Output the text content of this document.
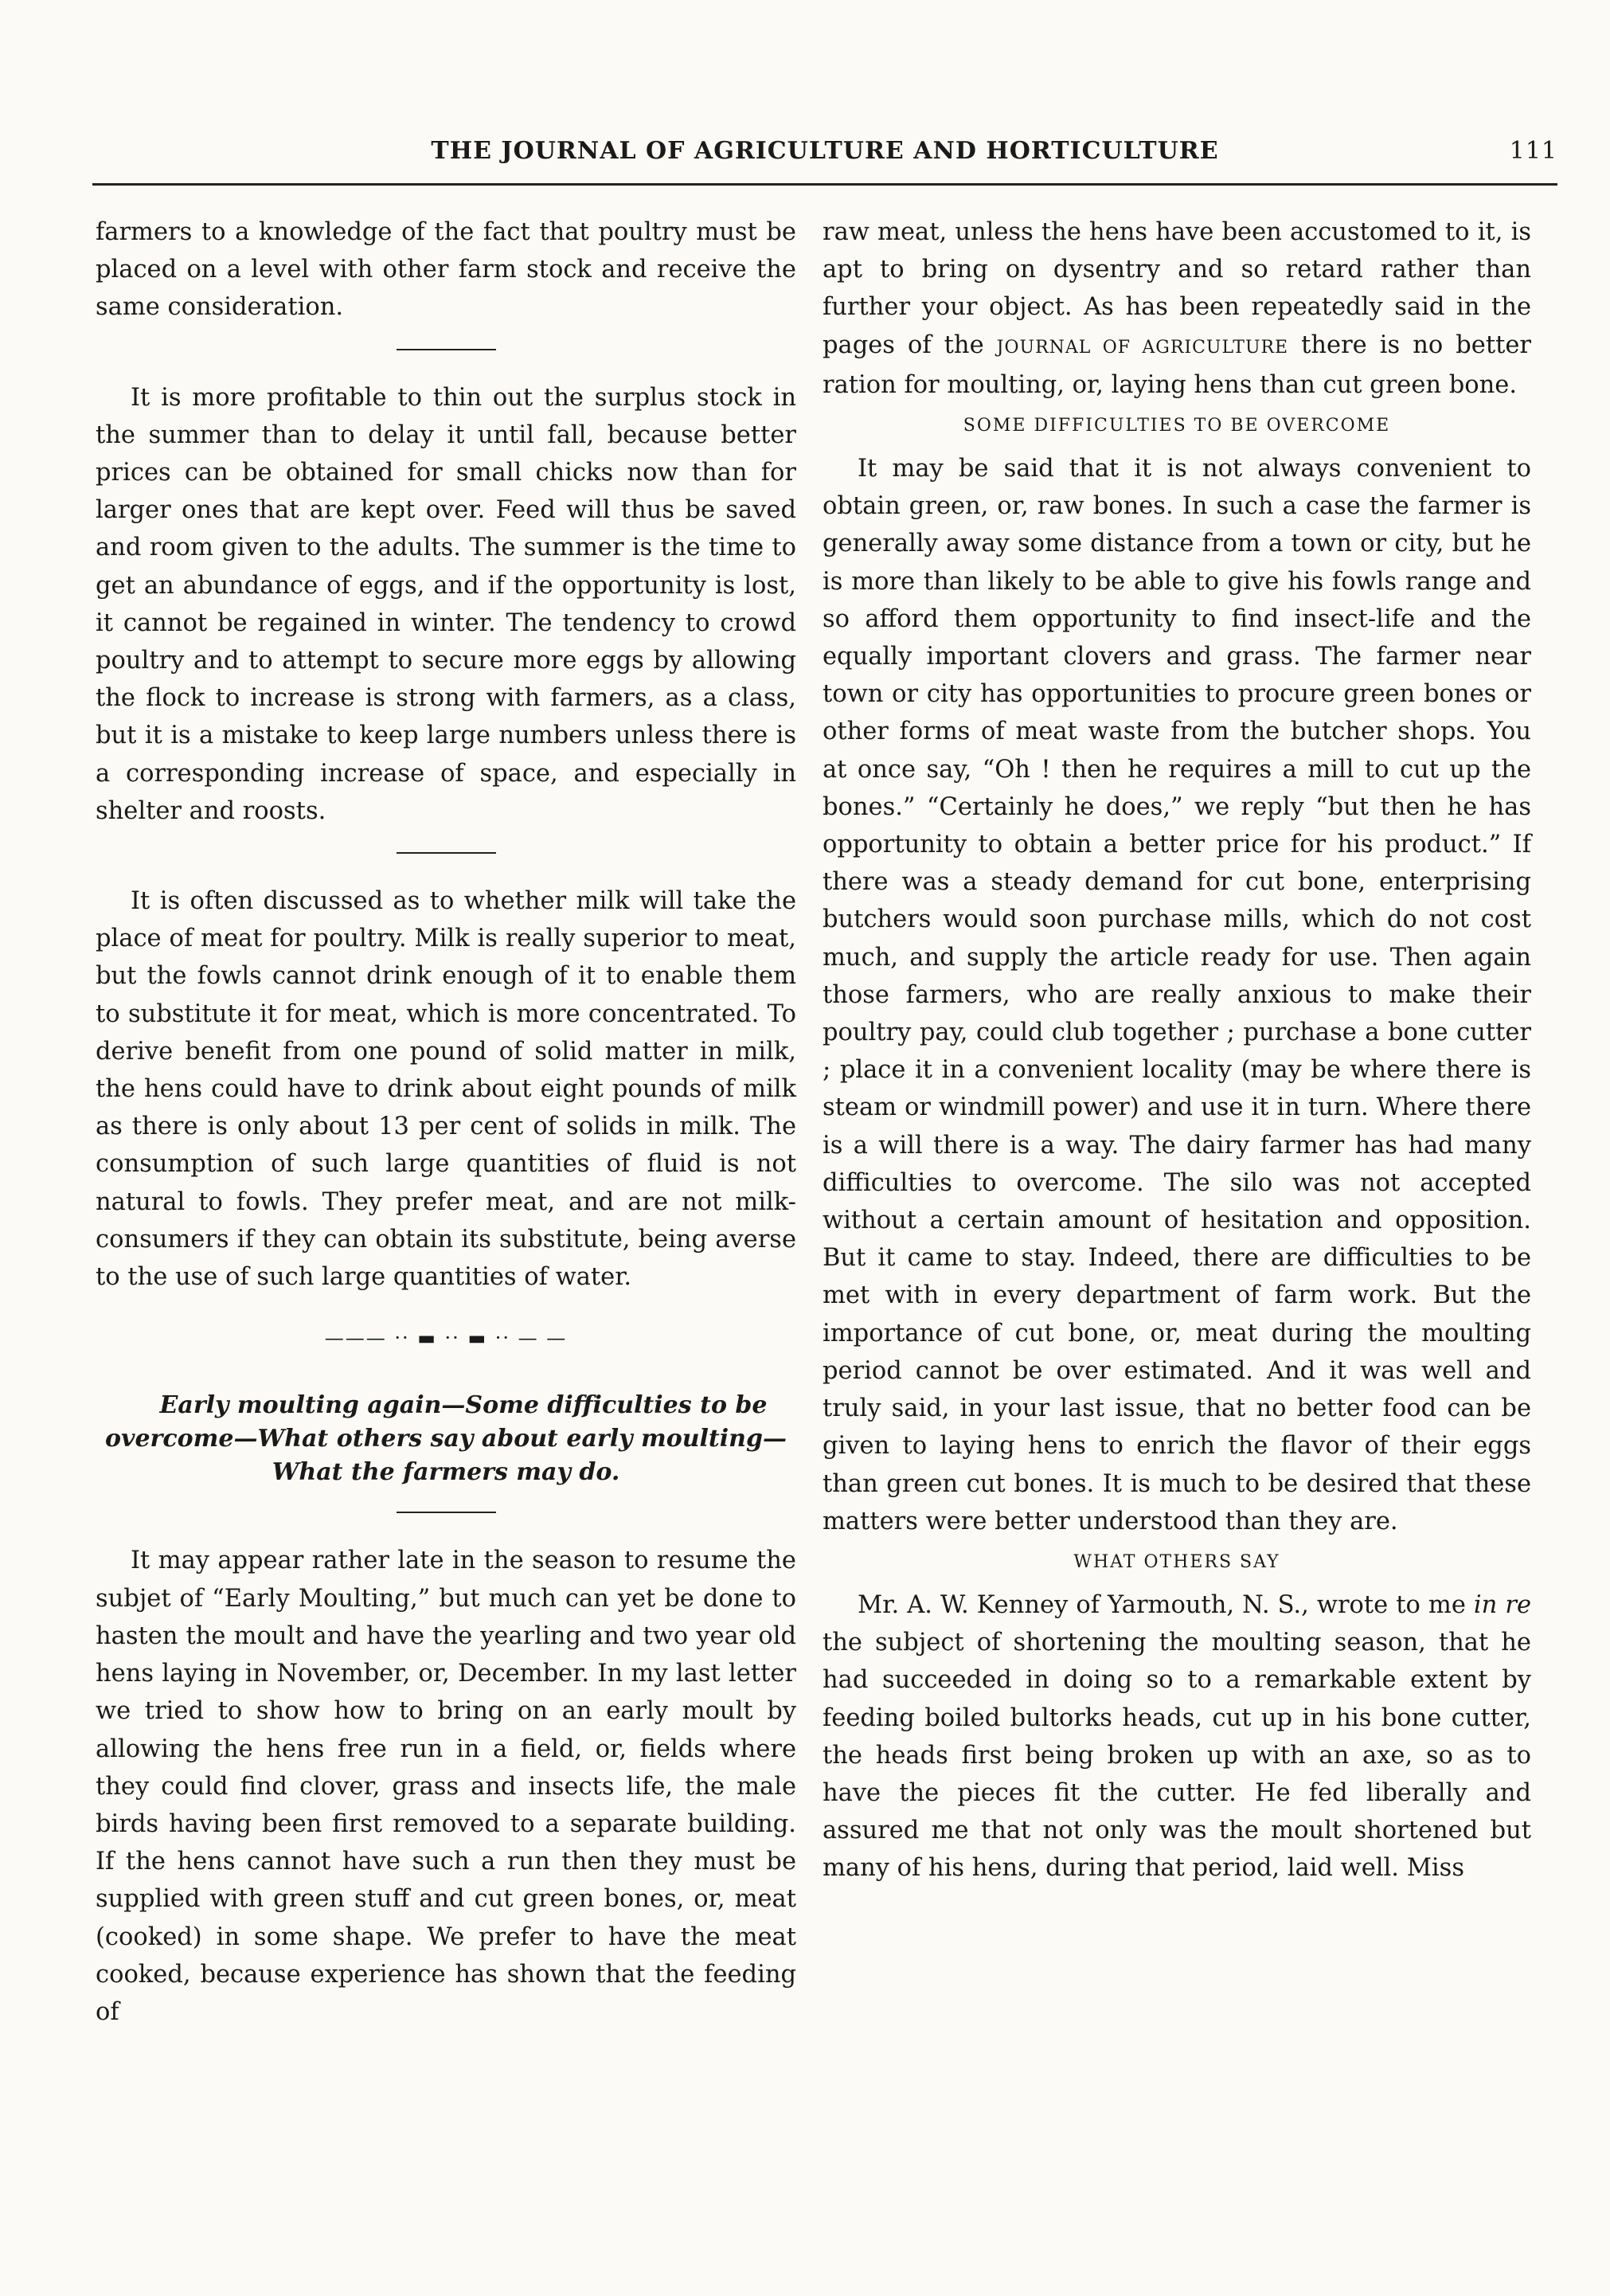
THE JOURNAL OF AGRICULTURE AND HORTICULTURE	111

farmers to a knowledge of the fact that poultry must be placed on a level with other farm stock and receive the same consideration.

It is more profitable to thin out the surplus stock in the summer than to delay it until fall, because better prices can be obtained for small chicks now than for larger ones that are kept over. Feed will thus be saved and room given to the adults. The summer is the time to get an abundance of eggs, and if the opportunity is lost, it cannot be regained in winter. The tendency to crowd poultry and to attempt to secure more eggs by allowing the flock to increase is strong with farmers, as a class, but it is a mistake to keep large numbers unless there is a corresponding increase of space, and especially in shelter and roosts.

It is often discussed as to whether milk will take the place of meat for poultry. Milk is really superior to meat, but the fowls cannot drink enough of it to enable them to substitute it for meat, which is more concentrated. To derive benefit from one pound of solid matter in milk, the hens could have to drink about eight pounds of milk as there is only about 13 per cent of solids in milk. The consumption of such large quantities of fluid is not natural to fowls. They prefer meat, and are not milk-consumers if they can obtain its substitute, being averse to the use of such large quantities of water.

——— ·· ▬ ·· ▬ ·· — —

Early moulting again—Some difficulties to be overcome—What others say about early moulting—What the farmers may do.

It may appear rather late in the season to resume the subjet of “Early Moulting,” but much can yet be done to hasten the moult and have the yearling and two year old hens laying in November, or, December. In my last letter we tried to show how to bring on an early moult by allowing the hens free run in a field, or, fields where they could find clover, grass and insects life, the male birds having been first removed to a separate building. If the hens cannot have such a run then they must be supplied with green stuff and cut green bones, or, meat (cooked) in some shape. We prefer to have the meat cooked, because experience has shown that the feeding of

raw meat, unless the hens have been accustomed to it, is apt to bring on dysentry and so retard rather than further your object. As has been repeatedly said in the pages of the JOURNAL OF AGRICULTURE there is no better ration for moulting, or, laying hens than cut green bone.

SOME DIFFICULTIES TO BE OVERCOME

It may be said that it is not always convenient to obtain green, or, raw bones. In such a case the farmer is generally away some distance from a town or city, but he is more than likely to be able to give his fowls range and so afford them opportunity to find insect-life and the equally important clovers and grass. The farmer near town or city has opportunities to procure green bones or other forms of meat waste from the butcher shops. You at once say, “Oh ! then he requires a mill to cut up the bones.” “Certainly he does,” we reply “but then he has opportunity to obtain a better price for his product.” If there was a steady demand for cut bone, enterprising butchers would soon purchase mills, which do not cost much, and supply the article ready for use. Then again those farmers, who are really anxious to make their poultry pay, could club together ; purchase a bone cutter ; place it in a convenient locality (may be where there is steam or windmill power) and use it in turn. Where there is a will there is a way. The dairy farmer has had many difficulties to overcome. The silo was not accepted without a certain amount of hesitation and opposition. But it came to stay. Indeed, there are difficulties to be met with in every department of farm work. But the importance of cut bone, or, meat during the moulting period cannot be over estimated. And it was well and truly said, in your last issue, that no better food can be given to laying hens to enrich the flavor of their eggs than green cut bones. It is much to be desired that these matters were better understood than they are.

WHAT OTHERS SAY

Mr. A. W. Kenney of Yarmouth, N. S., wrote to me in re the subject of shortening the moulting season, that he had succeeded in doing so to a remarkable extent by feeding boiled bultorks heads, cut up in his bone cutter, the heads first being broken up with an axe, so as to have the pieces fit the cutter. He fed liberally and assured me that not only was the moult shortened but many of his hens, during that period, laid well. Miss
